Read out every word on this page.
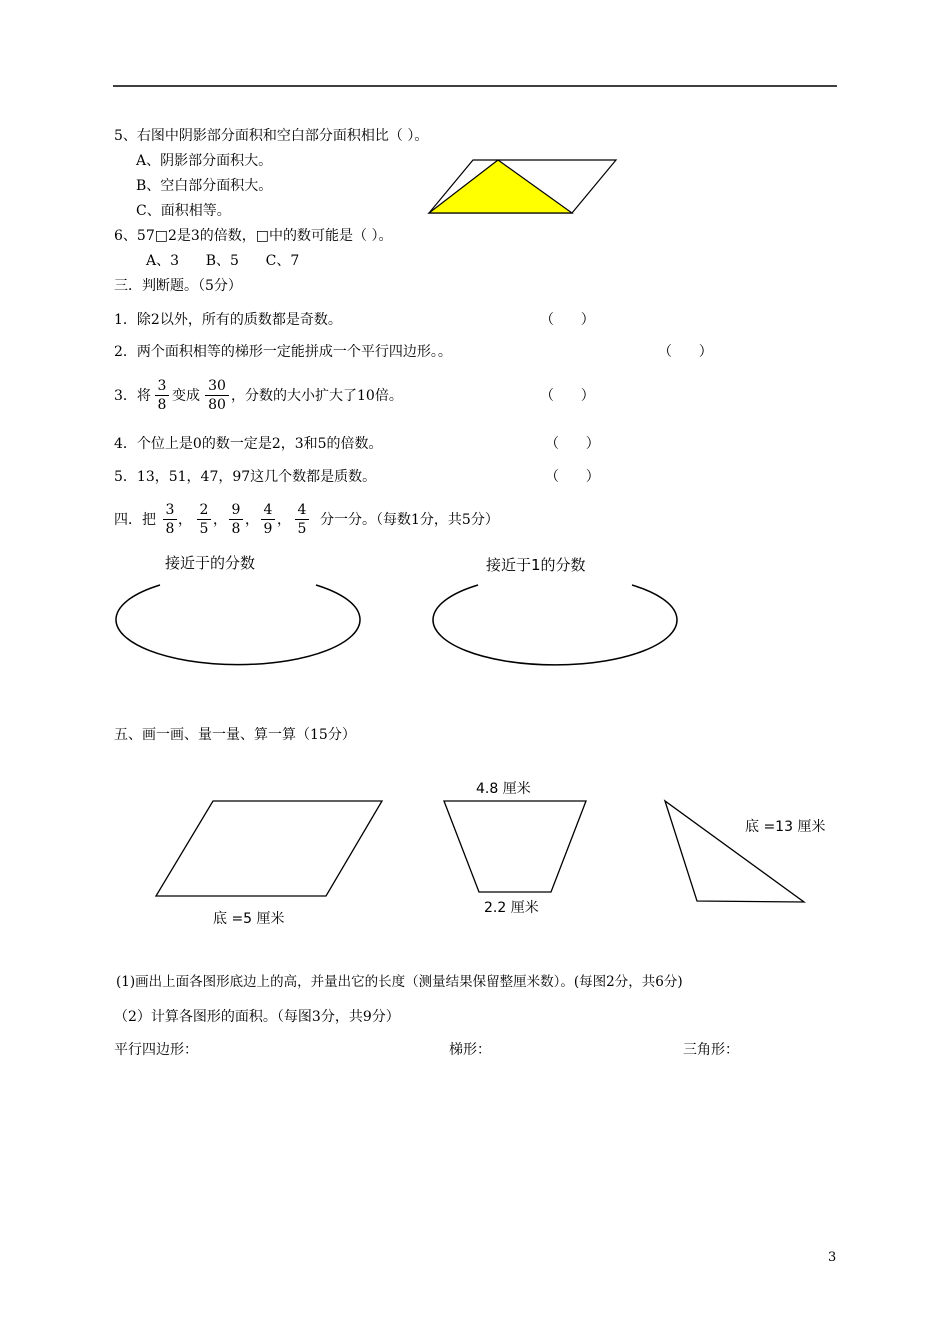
5、右图中阴影部分面积和空白部分面积相比（ ）。
A、阴影部分面积大。
B、空白部分面积大。
C、面积相等。
6、57□2是3的倍数，□中的数可能是（ ）。
A、3      B、5      C、7
三．判断题。（5分）
1．除2以外，所有的质数都是奇数。	（      ）
2．两个面积相等的梯形一定能拼成一个平行四边形。。	（      ）
3．将
3
8
变成
30
80
，分数的大小扩大了10倍。	（      ）
4．个位上是0的数一定是2，3和5的倍数。	（      ）
5．13，51，47，97这几个数都是质数。	（      ）
四．把
3
8
，
2
5
，
9
8
，
4
9
，
4
5
分一分。（每数1分，共5分）
接近于的分数	接近于1的分数
五、画一画、量一量、算一算（15分）
4.8 厘米
底 =13 厘米
2.2 厘米
底 =5 厘米
(1)画出上面各图形底边上的高，并量出它的长度（测量结果保留整厘米数）。(每图2分，共6分)
（2）计算各图形的面积。（每图3分，共9分）
平行四边形：	梯形：	三角形：
3
